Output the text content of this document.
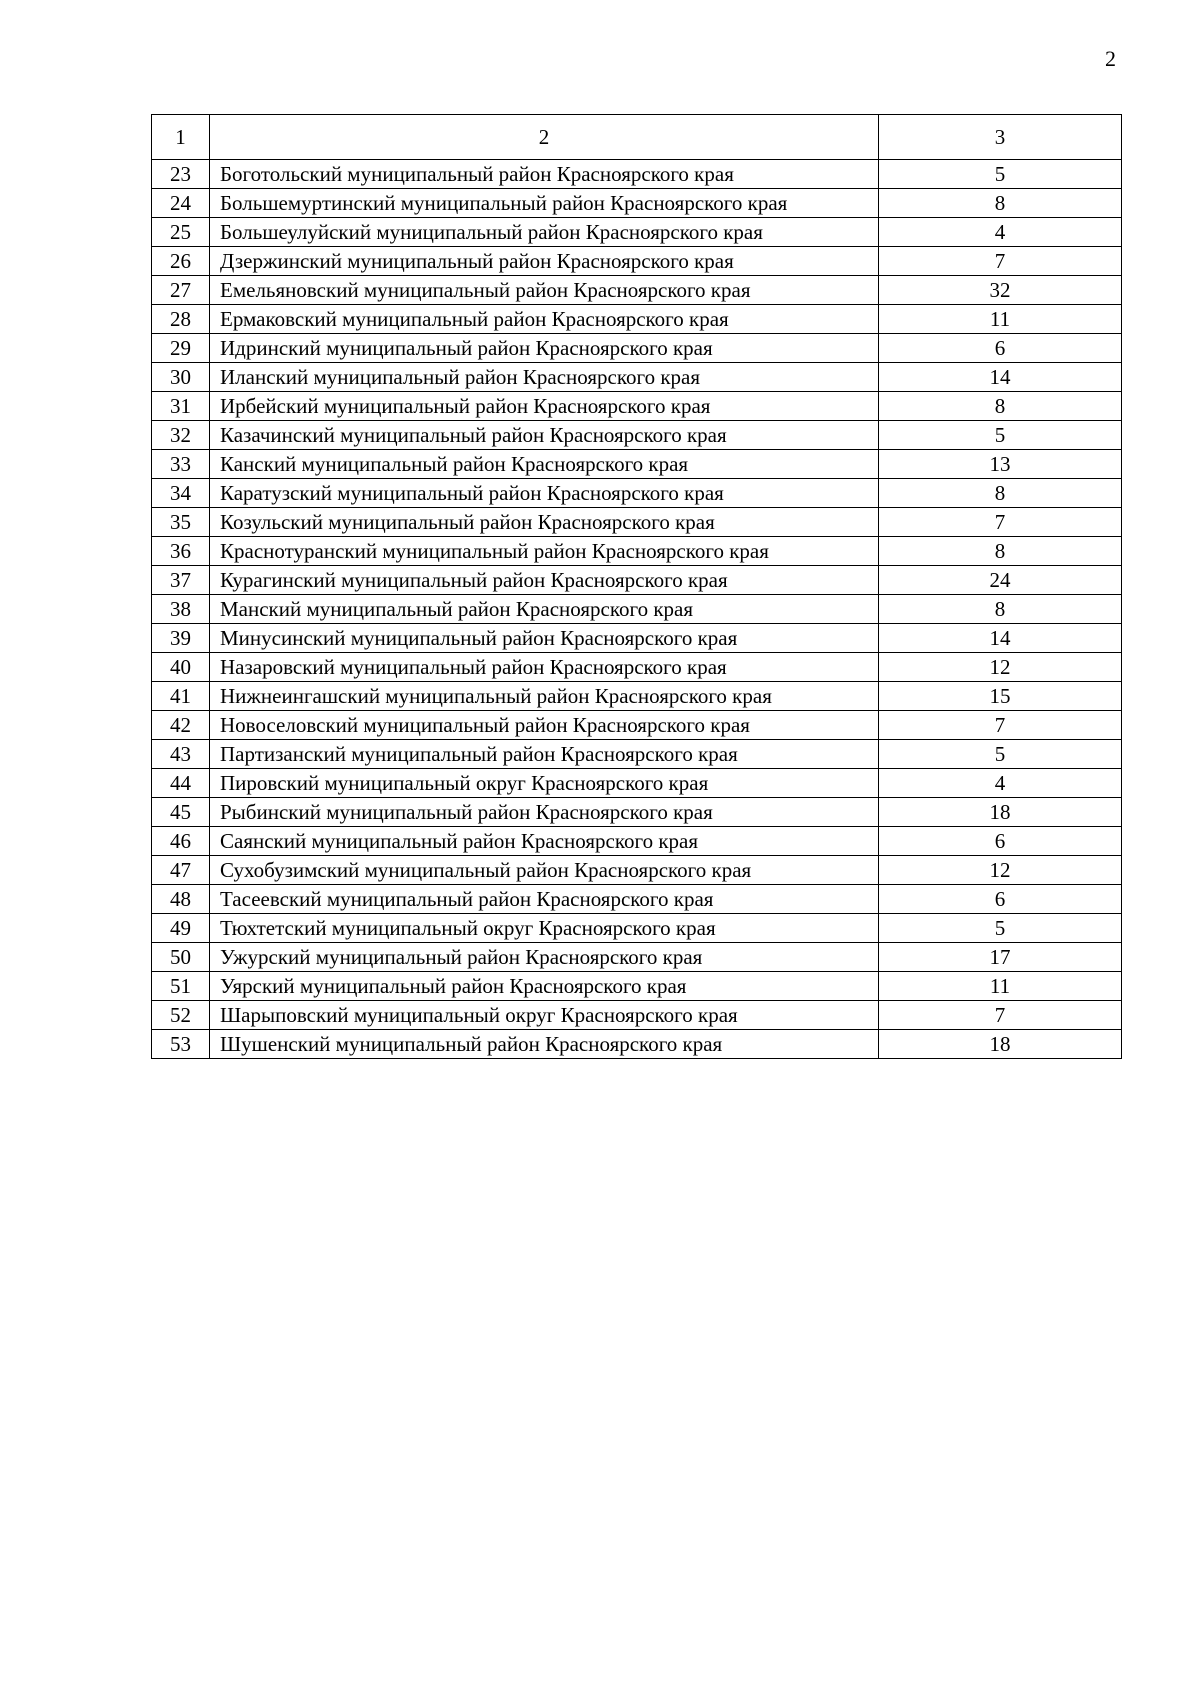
2
1	2	3
23	Боготольский муниципальный район Красноярского края	5
24	Большемуртинский муниципальный район Красноярского края	8
25	Большеулуйский муниципальный район Красноярского края	4
26	Дзержинский муниципальный район Красноярского края	7
27	Емельяновский муниципальный район Красноярского края	32
28	Ермаковский муниципальный район Красноярского края	11
29	Идринский муниципальный район Красноярского края	6
30	Иланский муниципальный район Красноярского края	14
31	Ирбейский муниципальный район Красноярского края	8
32	Казачинский муниципальный район Красноярского края	5
33	Канский муниципальный район Красноярского края	13
34	Каратузский муниципальный район Красноярского края	8
35	Козульский муниципальный район Красноярского края	7
36	Краснотуранский муниципальный район Красноярского края	8
37	Курагинский муниципальный район Красноярского края	24
38	Манский муниципальный район Красноярского края	8
39	Минусинский муниципальный район Красноярского края	14
40	Назаровский муниципальный район Красноярского края	12
41	Нижнеингашский муниципальный район Красноярского края	15
42	Новоселовский муниципальный район Красноярского края	7
43	Партизанский муниципальный район Красноярского края	5
44	Пировский муниципальный округ Красноярского края	4
45	Рыбинский муниципальный район Красноярского края	18
46	Саянский муниципальный район Красноярского края	6
47	Сухобузимский муниципальный район Красноярского края	12
48	Тасеевский муниципальный район Красноярского края	6
49	Тюхтетский муниципальный округ Красноярского края	5
50	Ужурский муниципальный район Красноярского края	17
51	Уярский муниципальный район Красноярского края	11
52	Шарыповский муниципальный округ Красноярского края	7
53	Шушенский муниципальный район Красноярского края	18
